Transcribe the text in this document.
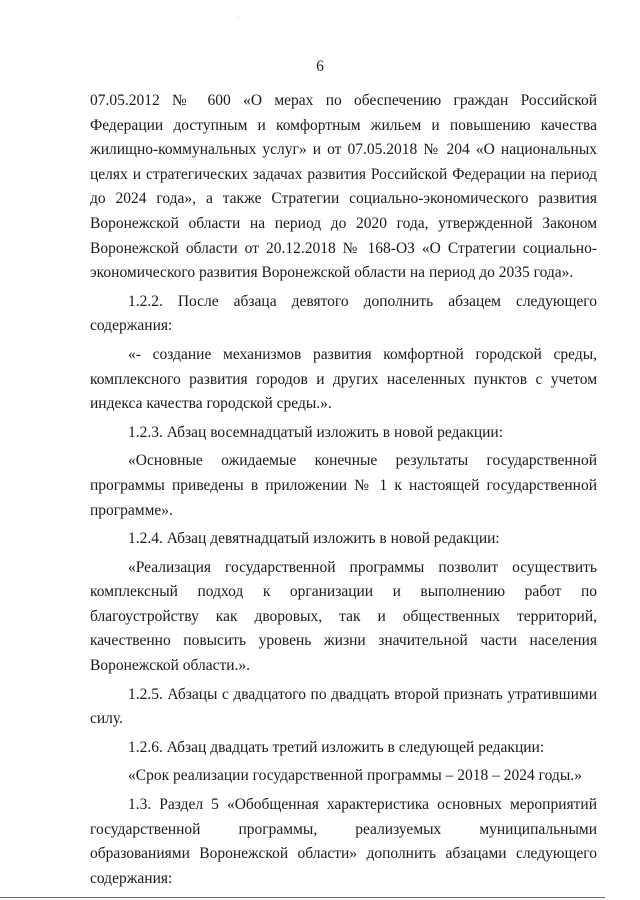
6

07.05.2012 № 600 «О мерах по обеспечению граждан Российской Федерации доступным и комфортным жильем и повышению качества жилищно-коммунальных услуг» и от 07.05.2018 № 204 «О национальных целях и стратегических задачах развития Российской Федерации на период до 2024 года», а также Стратегии социально-экономического развития Воронежской области на период до 2020 года, утвержденной Законом Воронежской области от 20.12.2018 № 168-ОЗ «О Стратегии социально-экономического развития Воронежской области на период до 2035 года».

1.2.2. После абзаца девятого дополнить абзацем следующего содержания:

«- создание механизмов развития комфортной городской среды, комплексного развития городов и других населенных пунктов с учетом индекса качества городской среды.».

1.2.3. Абзац восемнадцатый изложить в новой редакции:

«Основные ожидаемые конечные результаты государственной программы приведены в приложении № 1 к настоящей государственной программе».

1.2.4. Абзац девятнадцатый изложить в новой редакции:

«Реализация государственной программы позволит осуществить комплексный подход к организации и выполнению работ по благоустройству как дворовых, так и общественных территорий, качественно повысить уровень жизни значительной части населения Воронежской области.».

1.2.5. Абзацы с двадцатого по двадцать второй признать утратившими силу.

1.2.6. Абзац двадцать третий изложить в следующей редакции:

«Срок реализации государственной программы – 2018 – 2024 годы.»

1.3. Раздел 5 «Обобщенная характеристика основных мероприятий государственной программы, реализуемых муниципальными образованиями Воронежской области» дополнить абзацами следующего содержания:
